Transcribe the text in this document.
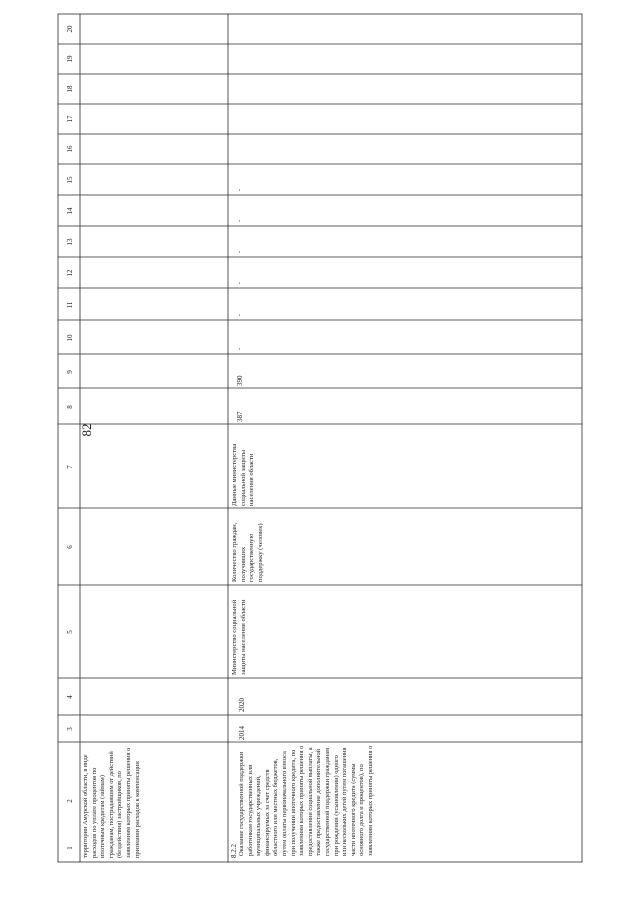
82
20
19
18
17
16
15
14
13
12
11
10
9
8
7
6
5
4
3
2 территории Амурской области, в виде расходов по уплате процентов по ипотечным кредитам (займам) гражданам, пострадавшим от действий (бездействия) застройщиков, по заявлениям которых приняты решения о признании расходов к компенсации	8.2.2 Оказание государственной поддержки работникам государственных или муниципальных учреждений, финансируемых за счет средств областного или местных бюджетов, путем оплаты первоначального взноса при получении ипотечного кредита, по заявлениям которых приняты решения о предоставлении социальной выплаты, а также предоставление дополнительной государственной поддержки гражданам при рождении (усыновлении) одного или нескольких детей путем погашения части ипотечного кредита (суммы основного долга и процентов), по заявлениям которых приняты решения о
2014
2020
Министерство социальной защиты населения области
Количество граждан, получивших государственную поддержку (человек)
Данные министерства социальной защиты населения области
387
390
-
-
-
-
-
-
1
